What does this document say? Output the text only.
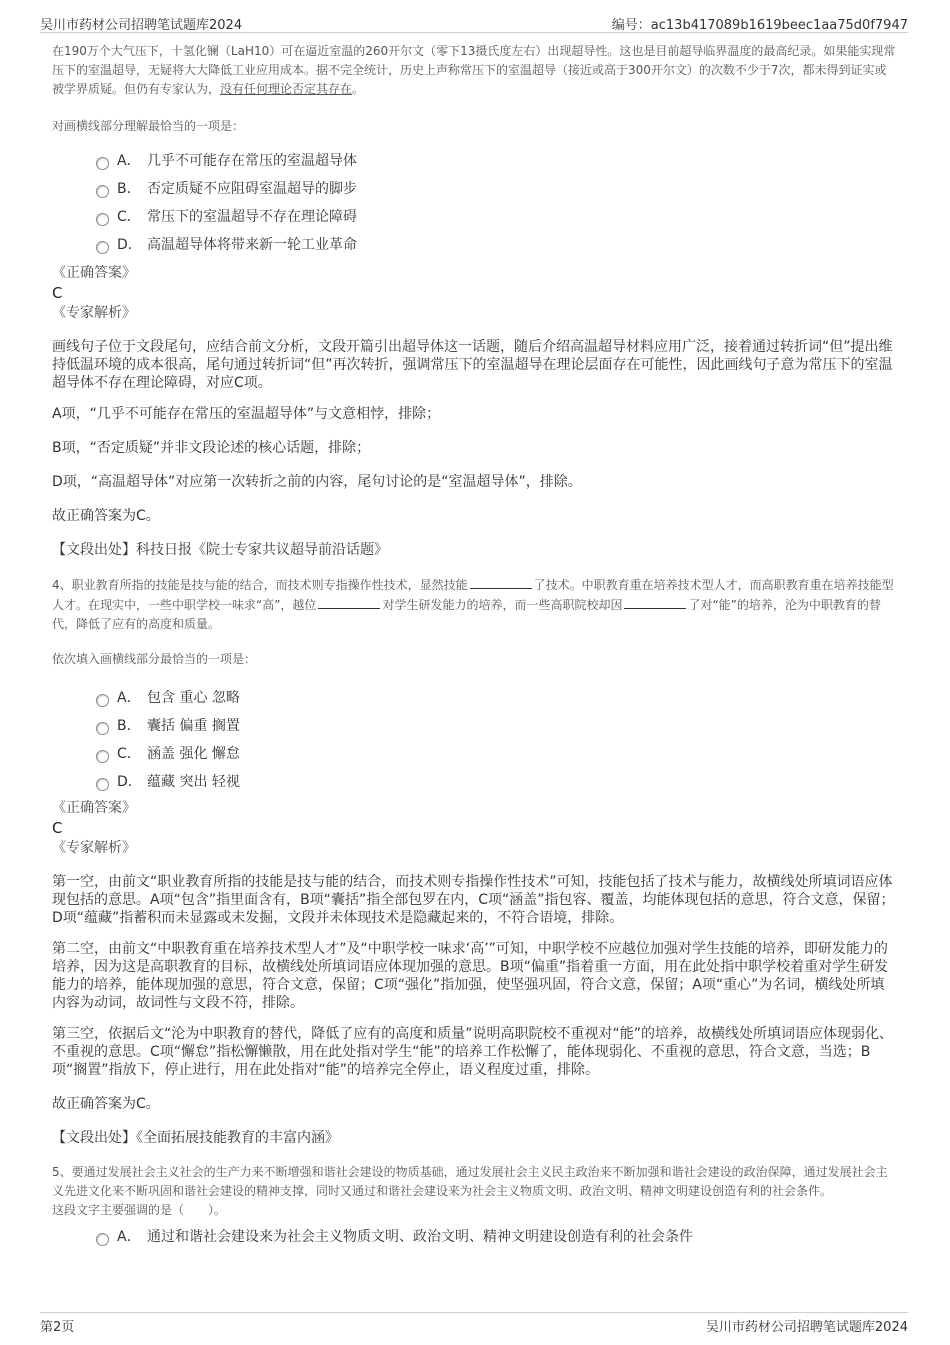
吴川市药材公司招聘笔试题库2024	编号：ac13b417089b1619beec1aa75d0f7947

在190万个大气压下，十氢化镧（LaH10）可在逼近室温的260开尔文（零下13摄氏度左右）出现超导性。这也是目前超导临界温度的最高纪录。如果能实现常压下的室温超导，无疑将大大降低工业应用成本。据不完全统计，历史上声称常压下的室温超导（接近或高于300开尔文）的次数不少于7次，都未得到证实或被学界质疑。但仍有专家认为，没有任何理论否定其存在。

对画横线部分理解最恰当的一项是：

A． 几乎不可能存在常压的室温超导体
B． 否定质疑不应阻碍室温超导的脚步
C． 常压下的室温超导不存在理论障碍
D． 高温超导体将带来新一轮工业革命
《正确答案》
C
《专家解析》

画线句子位于文段尾句，应结合前文分析，文段开篇引出超导体这一话题，随后介绍高温超导材料应用广泛，接着通过转折词“但”提出维持低温环境的成本很高，尾句通过转折词“但”再次转折，强调常压下的室温超导在理论层面存在可能性，因此画线句子意为常压下的室温超导体不存在理论障碍，对应C项。

A项，“几乎不可能存在常压的室温超导体”与文意相悖，排除；

B项，“否定质疑”并非文段论述的核心话题，排除；

D项，“高温超导体”对应第一次转折之前的内容，尾句讨论的是“室温超导体”，排除。

故正确答案为C。

【文段出处】科技日报《院士专家共议超导前沿话题》

4、职业教育所指的技能是技与能的结合，而技术则专指操作性技术，显然技能	了技术。中职教育重在培养技术型人才，而高职教育重在培养技能型人才。在现实中，一些中职学校一味求“高”，越位	对学生研发能力的培养，而一些高职院校却因	了对“能”的培养，沦为中职教育的替代，降低了应有的高度和质量。

依次填入画横线部分最恰当的一项是：

A． 包含 重心 忽略
B． 囊括 偏重 搁置
C． 涵盖 强化 懈怠
D． 蕴藏 突出 轻视
《正确答案》
C
《专家解析》

第一空，由前文“职业教育所指的技能是技与能的结合，而技术则专指操作性技术”可知，技能包括了技术与能力，故横线处所填词语应体现包括的意思。A项“包含”指里面含有，B项“囊括”指全部包罗在内，C项“涵盖”指包容、覆盖，均能体现包括的意思，符合文意，保留；D项“蕴藏”指蓄积而未显露或未发掘，文段并未体现技术是隐藏起来的，不符合语境，排除。

第二空，由前文“中职教育重在培养技术型人才”及“中职学校一味求‘高’”可知，中职学校不应越位加强对学生技能的培养，即研发能力的培养，因为这是高职教育的目标，故横线处所填词语应体现加强的意思。B项“偏重”指着重一方面，用在此处指中职学校着重对学生研发能力的培养，能体现加强的意思，符合文意，保留；C项“强化”指加强，使坚强巩固，符合文意，保留；A项“重心”为名词，横线处所填内容为动词，故词性与文段不符，排除。

第三空，依据后文“沦为中职教育的替代，降低了应有的高度和质量”说明高职院校不重视对“能”的培养，故横线处所填词语应体现弱化、不重视的意思。C项“懈怠”指松懈懒散，用在此处指对学生“能”的培养工作松懈了，能体现弱化、不重视的意思，符合文意，当选；B项“搁置”指放下，停止进行，用在此处指对“能”的培养完全停止，语义程度过重，排除。

故正确答案为C。

【文段出处】《全面拓展技能教育的丰富内涵》

5、要通过发展社会主义社会的生产力来不断增强和谐社会建设的物质基础，通过发展社会主义民主政治来不断加强和谐社会建设的政治保障，通过发展社会主义先进文化来不断巩固和谐社会建设的精神支撑，同时又通过和谐社会建设来为社会主义物质文明、政治文明、精神文明建设创造有利的社会条件。

这段文字主要强调的是（　　）。

A． 通过和谐社会建设来为社会主义物质文明、政治文明、精神文明建设创造有利的社会条件
第2页	吴川市药材公司招聘笔试题库2024
